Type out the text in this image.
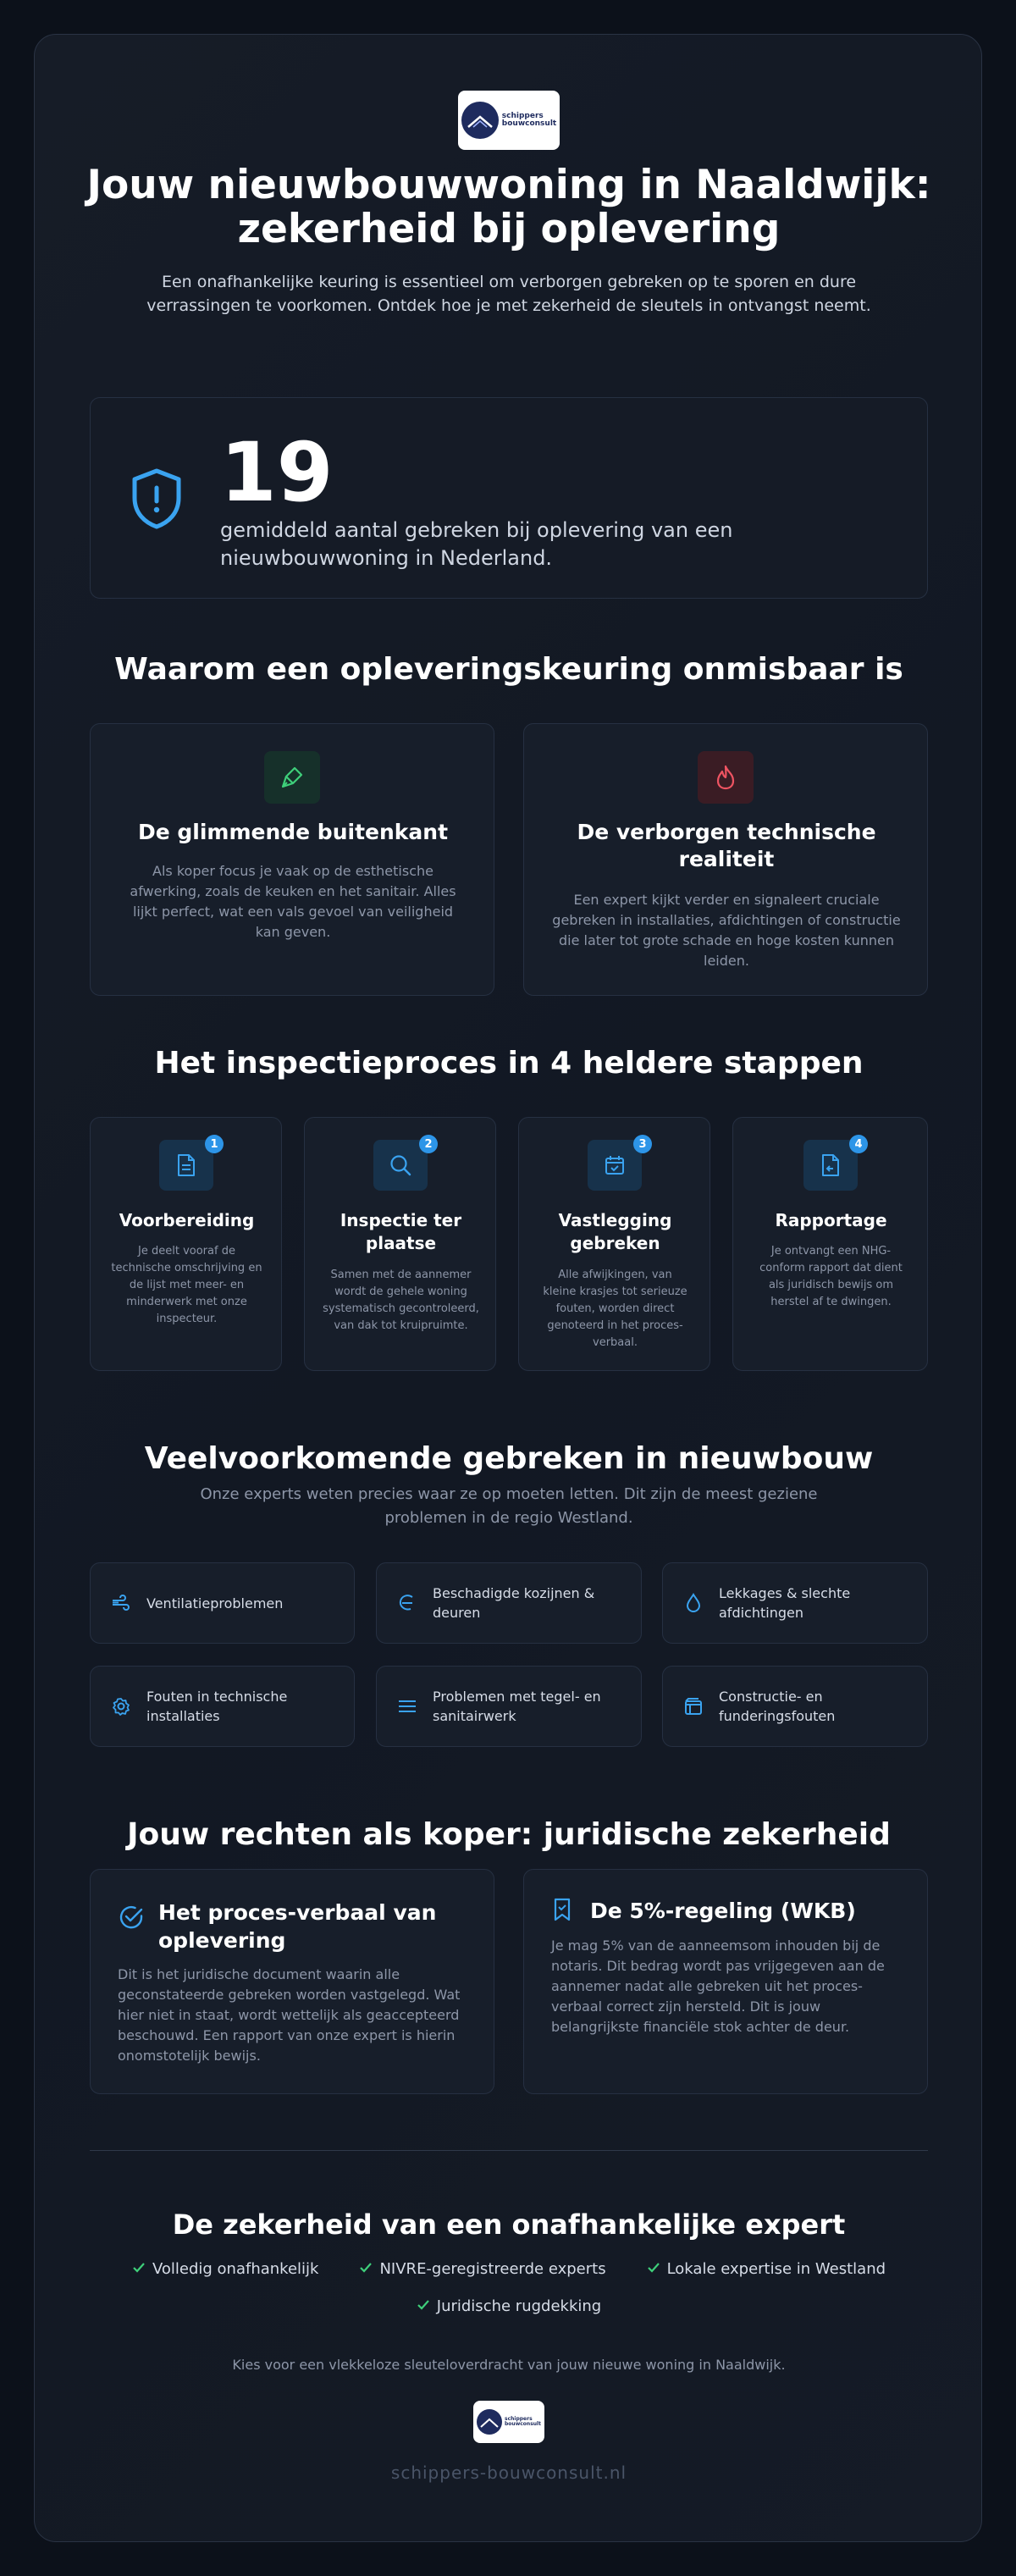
schippers
bouwconsult
Jouw nieuwbouwwoning in Naaldwijk:
zekerheid bij oplevering
Een onafhankelijke keuring is essentieel om verborgen gebreken op te sporen en dure verrassingen te voorkomen. Ontdek hoe je met zekerheid de sleutels in ontvangst neemt.
19
gemiddeld aantal gebreken bij oplevering van een nieuwbouwwoning in Nederland.
Waarom een opleveringskeuring onmisbaar is
De glimmende buitenkant
Als koper focus je vaak op de esthetische afwerking, zoals de keuken en het sanitair. Alles lijkt perfect, wat een vals gevoel van veiligheid kan geven.
De verborgen technische realiteit
Een expert kijkt verder en signaleert cruciale gebreken in installaties, afdichtingen of constructie die later tot grote schade en hoge kosten kunnen leiden.
Het inspectieproces in 4 heldere stappen
1
Voorbereiding
Je deelt vooraf de technische omschrijving en de lijst met meer- en minderwerk met onze inspecteur.
2
Inspectie ter plaatse
Samen met de aannemer wordt de gehele woning systematisch gecontroleerd, van dak tot kruipruimte.
3
Vastlegging gebreken
Alle afwijkingen, van kleine krasjes tot serieuze fouten, worden direct genoteerd in het proces-verbaal.
4
Rapportage
Je ontvangt een NHG-conform rapport dat dient als juridisch bewijs om herstel af te dwingen.
Veelvoorkomende gebreken in nieuwbouw
Onze experts weten precies waar ze op moeten letten. Dit zijn de meest geziene problemen in de regio Westland.
Ventilatieproblemen
Beschadigde kozijnen & deuren
Lekkages & slechte afdichtingen
Fouten in technische installaties
Problemen met tegel- en sanitairwerk
Constructie- en funderingsfouten
Jouw rechten als koper: juridische zekerheid
Het proces-verbaal van oplevering
Dit is het juridische document waarin alle geconstateerde gebreken worden vastgelegd. Wat hier niet in staat, wordt wettelijk als geaccepteerd beschouwd. Een rapport van onze expert is hierin onomstotelijk bewijs.
De 5%-regeling (WKB)
Je mag 5% van de aanneemsom inhouden bij de notaris. Dit bedrag wordt pas vrijgegeven aan de aannemer nadat alle gebreken uit het proces-verbaal correct zijn hersteld. Dit is jouw belangrijkste financiële stok achter de deur.
De zekerheid van een onafhankelijke expert
Volledig onafhankelijk	NIVRE-geregistreerde experts	Lokale expertise in Westland
Juridische rugdekking
Kies voor een vlekkeloze sleuteloverdracht van jouw nieuwe woning in Naaldwijk.
schippers
bouwconsult
schippers-bouwconsult.nl
